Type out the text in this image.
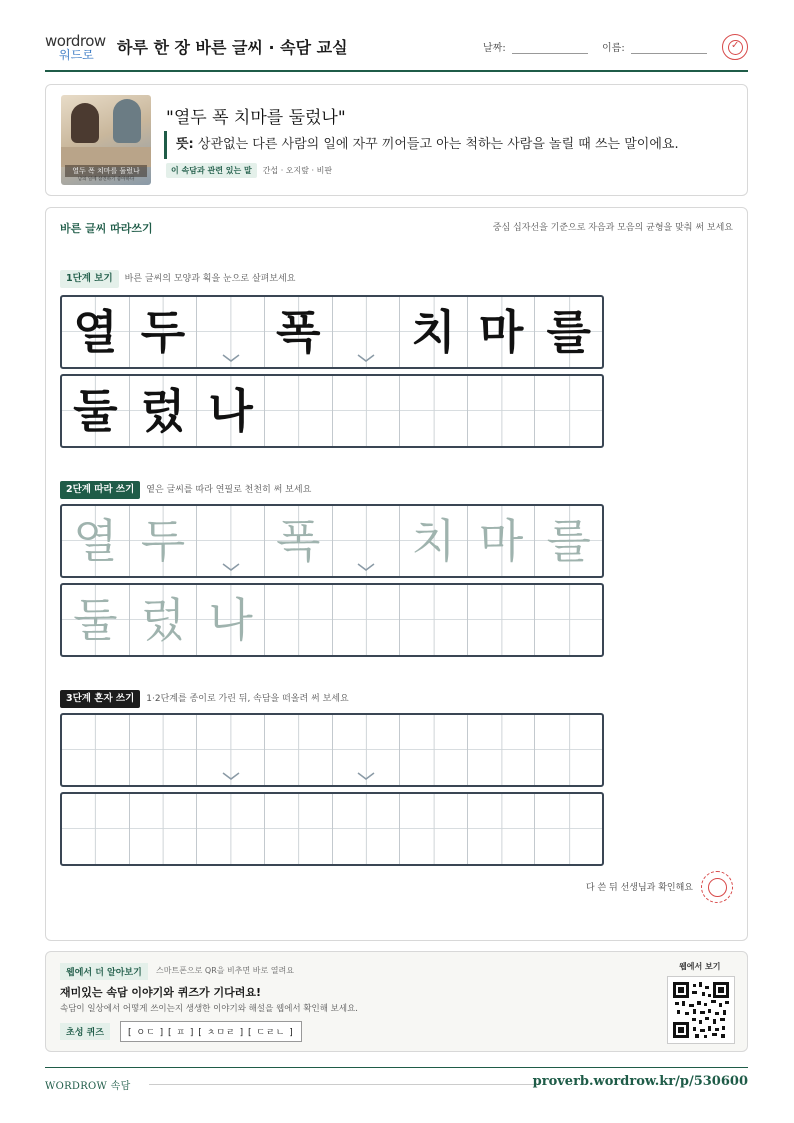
wordrow
워드로 하루 한 장 바른 글씨 · 속담 교실	날짜:	이름:	✓
열두 폭 치마를 둘렀나
남의 일에 참견하기 좋아하다
"열두 폭 치마를 둘렀나"
뜻: 상관없는 다른 사람의 일에 자꾸 끼어들고 아는 척하는 사람을 놀릴 때 쓰는 말이에요.
이 속담과 관련 있는 말 간섭 · 오지랖 · 비판
바른 글씨 따라쓰기	중심 십자선을 기준으로 자음과 모음의 균형을 맞춰 써 보세요
1단계 보기 바른 글씨의 모양과 획을 눈으로 살펴보세요
열 두 폭 치 마 를
둘 렀 나
2단계 따라 쓰기 옅은 글씨를 따라 연필로 천천히 써 보세요
열 두 폭 치 마 를
둘 렀 나
3단계 혼자 쓰기 1·2단계를 종이로 가린 뒤, 속담을 떠올려 써 보세요
다 쓴 뒤 선생님과 확인해요
웹에서 더 알아보기	스마트폰으로 QR을 비추면 바로 열려요
재미있는 속담 이야기와 퀴즈가 기다려요!
속담이 일상에서 어떻게 쓰이는지 생생한 이야기와 해설을 웹에서 확인해 보세요.
초성 퀴즈	[ ㅇㄷ ] [ ㅍ ] [ ㅊㅁㄹ ] [ ㄷㄹㄴ ]
웹에서 보기
WORDROW 속담	proverb.wordrow.kr/p/530600
